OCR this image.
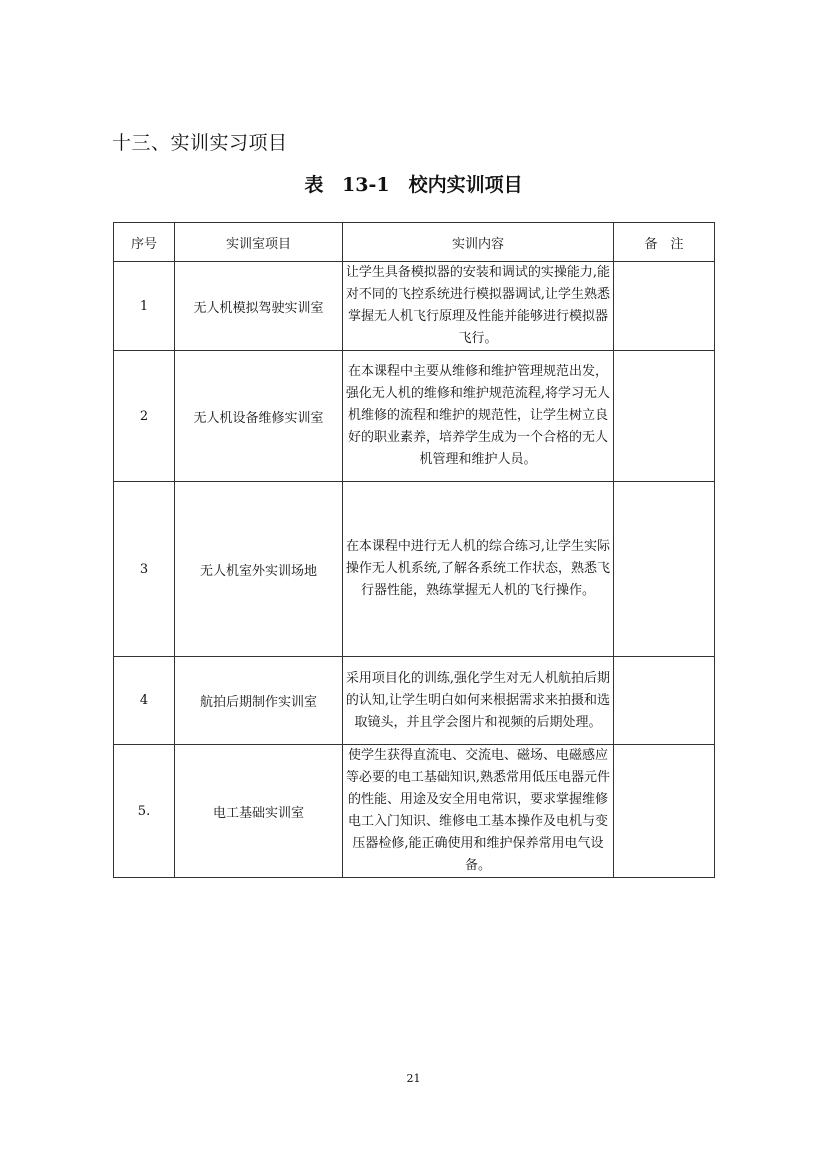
十三、实训实习项目
表 13-1　校内实训项目
序号	实训室项目	实训内容	备　注
1	无人机模拟驾驶实训室	让学生具备模拟器的安装和调试的实操能力,能对不同的飞控系统进行模拟器调试,让学生熟悉掌握无人机飞行原理及性能并能够进行模拟器飞行。	
2	无人机设备维修实训室	在本课程中主要从维修和维护管理规范出发，强化无人机的维修和维护规范流程,将学习无人机维修的流程和维护的规范性，让学生树立良好的职业素养，培养学生成为一个合格的无人机管理和维护人员。	
3	无人机室外实训场地	在本课程中进行无人机的综合练习,让学生实际操作无人机系统,了解各系统工作状态，熟悉飞行器性能，熟练掌握无人机的飞行操作。	
4	航拍后期制作实训室	采用项目化的训练,强化学生对无人机航拍后期的认知,让学生明白如何来根据需求来拍摄和选取镜头，并且学会图片和视频的后期处理。	
5.	电工基础实训室	使学生获得直流电、交流电、磁场、电磁感应等必要的电工基础知识,熟悉常用低压电器元件的性能、用途及安全用电常识，要求掌握维修电工入门知识、维修电工基本操作及电机与变压器检修,能正确使用和维护保养常用电气设备。	
21
